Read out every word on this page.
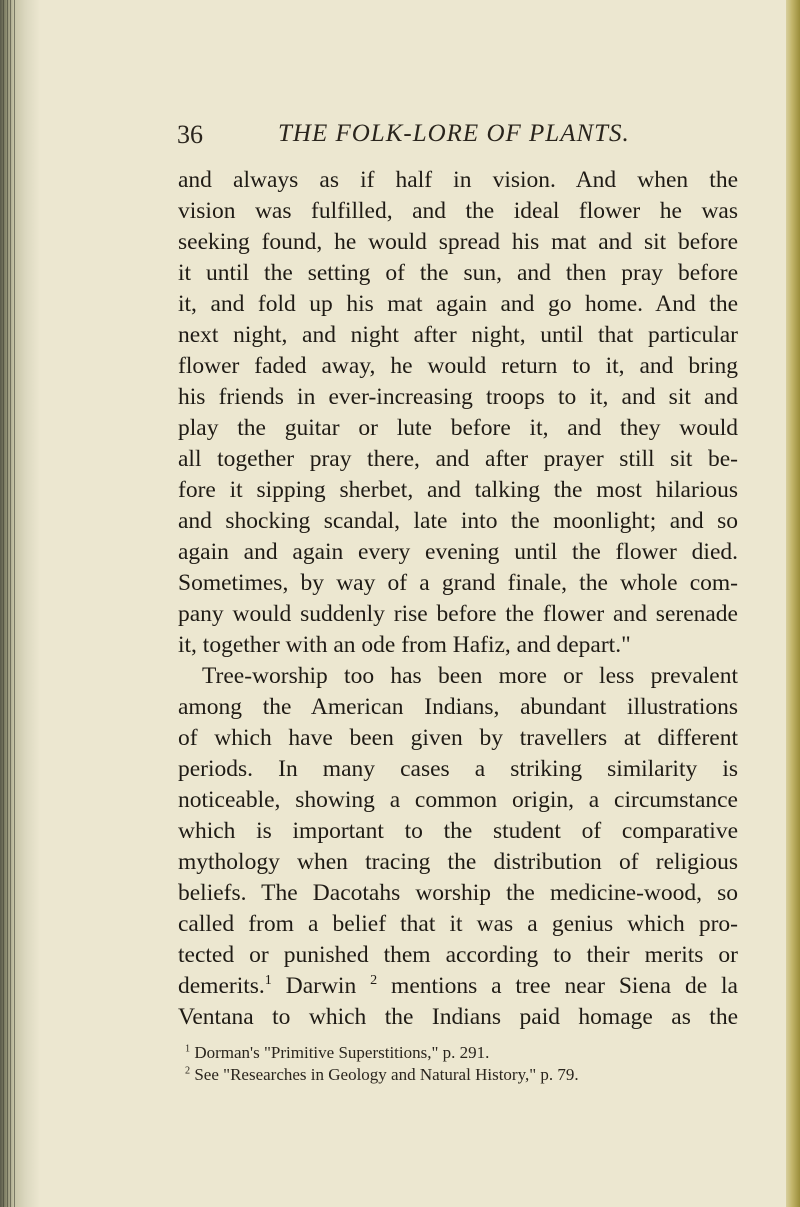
36	THE FOLK-LORE OF PLANTS.
and always as if half in vision. And when the
vision was fulfilled, and the ideal flower he was
seeking found, he would spread his mat and sit before
it until the setting of the sun, and then pray before
it, and fold up his mat again and go home. And the
next night, and night after night, until that particular
flower faded away, he would return to it, and bring
his friends in ever-increasing troops to it, and sit and
play the guitar or lute before it, and they would
all together pray there, and after prayer still sit be-
fore it sipping sherbet, and talking the most hilarious
and shocking scandal, late into the moonlight; and so
again and again every evening until the flower died.
Sometimes, by way of a grand finale, the whole com-
pany would suddenly rise before the flower and serenade
it, together with an ode from Hafiz, and depart."
Tree-worship too has been more or less prevalent
among the American Indians, abundant illustrations
of which have been given by travellers at different
periods. In many cases a striking similarity is
noticeable, showing a common origin, a circumstance
which is important to the student of comparative
mythology when tracing the distribution of religious
beliefs. The Dacotahs worship the medicine-wood, so
called from a belief that it was a genius which pro-
tected or punished them according to their merits or
demerits.$^1$ Darwin $^2$ mentions a tree near Siena de la
Ventana to which the Indians paid homage as the
$^1$ Dorman's "Primitive Superstitions," p. 291.
$^2$ See "Researches in Geology and Natural History," p. 79.
